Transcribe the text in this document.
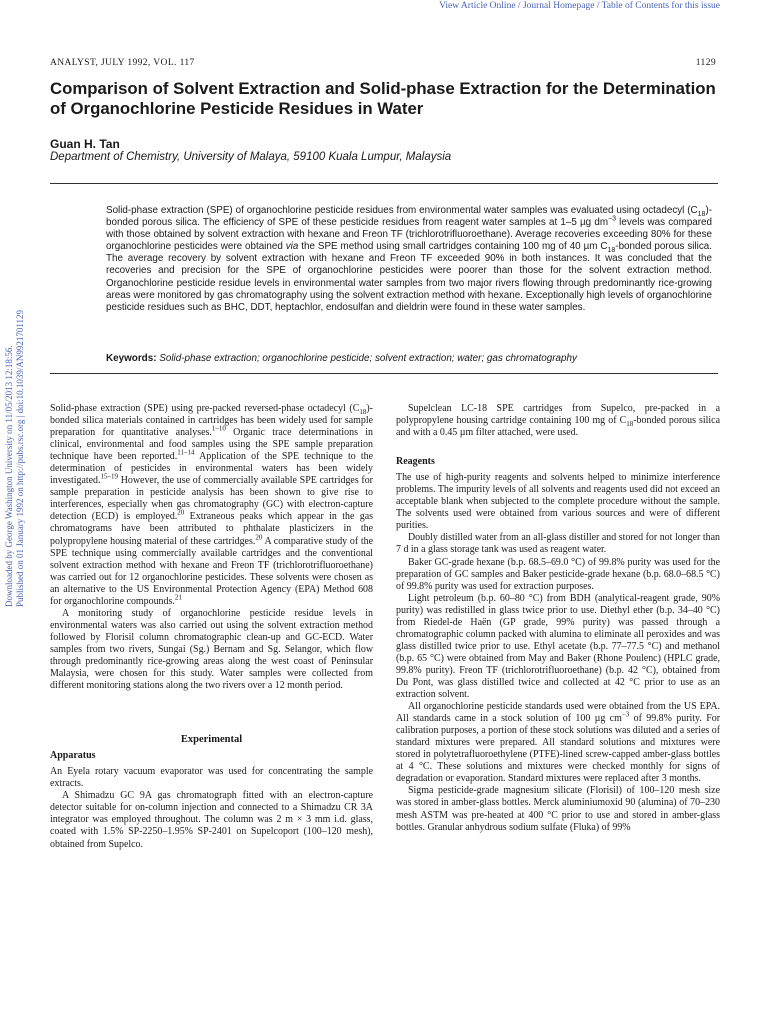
View Article Online / Journal Homepage / Table of Contents for this issue
Downloaded by George Washington University on 11/05/2013 12:18:56. Published on 01 January 1992 on http://pubs.rsc.org | doi:10.1039/AN9921701129
ANALYST, JULY 1992, VOL. 117	1129
Comparison of Solvent Extraction and Solid-phase Extraction for the Determination of Organochlorine Pesticide Residues in Water
Guan H. Tan
Department of Chemistry, University of Malaya, 59100 Kuala Lumpur, Malaysia

Solid-phase extraction (SPE) of organochlorine pesticide residues from environmental water samples was evaluated using octadecyl $(C_{18})$-bonded porous silica. The efficiency of SPE of these pesticide residues from reagent water samples at 1–5 µg $dm^{-3}$ levels was compared with those obtained by solvent extraction with hexane and Freon TF (trichlorotrifluoroethane). Average recoveries exceeding 80% for these organochlorine pesticides were obtained via the SPE method using small cartridges containing 100 mg of 40 µm $C_{18}$-bonded porous silica. The average recovery by solvent extraction with hexane and Freon TF exceeded 90% in both instances. It was concluded that the recoveries and precision for the SPE of organochlorine pesticides were poorer than those for the solvent extraction method. Organochlorine pesticide residue levels in environmental water samples from two major rivers flowing through predominantly rice-growing areas were monitored by gas chromatography using the solvent extraction method with hexane. Exceptionally high levels of organochlorine pesticide residues such as BHC, DDT, heptachlor, endosulfan and dieldrin were found in these water samples.

Keywords: Solid-phase extraction; organochlorine pesticide; solvent extraction; water; gas chromatography

Solid-phase extraction (SPE) using pre-packed reversed-phase octadecyl $(C_{18})$-bonded silica materials contained in cartridges has been widely used for sample preparation for quantitative analyses.$^{1-10}$ Organic trace determinations in clinical, environmental and food samples using the SPE sample preparation technique have been reported.$^{11-14}$ Application of the SPE technique to the determination of pesticides in environmental waters has been widely investigated.$^{15-19}$ However, the use of commercially available SPE cartridges for sample preparation in pesticide analysis has been shown to give rise to interferences, especially when gas chromatography (GC) with electron-capture detection (ECD) is employed.$^{20}$ Extraneous peaks which appear in the gas chromatograms have been attributed to phthalate plasticizers in the polypropylene housing material of these cartridges.$^{20}$ A comparative study of the SPE technique using commercially available cartridges and the conventional solvent extraction method with hexane and Freon TF (trichlorotrifluoroethane) was carried out for 12 organochlorine pesticides. These solvents were chosen as an alternative to the US Environmental Protection Agency (EPA) Method 608 for organochlorine compounds.$^{21}$

A monitoring study of organochlorine pesticide residue levels in environmental waters was also carried out using the solvent extraction method followed by Florisil column chromatographic clean-up and GC-ECD. Water samples from two rivers, Sungai (Sg.) Bernam and Sg. Selangor, which flow through predominantly rice-growing areas along the west coast of Peninsular Malaysia, were chosen for this study. Water samples were collected from different monitoring stations along the two rivers over a 12 month period.

Experimental

Apparatus

An Eyela rotary vacuum evaporator was used for concentrating the sample extracts.

A Shimadzu GC 9A gas chromatograph fitted with an electron-capture detector suitable for on-column injection and connected to a Shimadzu CR 3A integrator was employed throughout. The column was 2 m × 3 mm i.d. glass, coated with 1.5% SP-2250–1.95% SP-2401 on Supelcoport (100–120 mesh), obtained from Supelco.

Supelclean LC-18 SPE cartridges from Supelco, pre-packed in a polypropylene housing cartridge containing 100 mg of $C_{18}$-bonded porous silica and with a 0.45 µm filter attached, were used.

Reagents

The use of high-purity reagents and solvents helped to minimize interference problems. The impurity levels of all solvents and reagents used did not exceed an acceptable blank when subjected to the complete procedure without the sample. The solvents used were obtained from various sources and were of different purities.

Doubly distilled water from an all-glass distiller and stored for not longer than 7 d in a glass storage tank was used as reagent water.

Baker GC-grade hexane (b.p. 68.5–69.0 °C) of 99.8% purity was used for the preparation of GC samples and Baker pesticide-grade hexane (b.p. 68.0–68.5 °C) of 99.8% purity was used for extraction purposes.

Light petroleum (b.p. 60–80 °C) from BDH (analytical-reagent grade, 90% purity) was redistilled in glass twice prior to use. Diethyl ether (b.p. 34–40 °C) from Riedel-de Haën (GP grade, 99% purity) was passed through a chromatographic column packed with alumina to eliminate all peroxides and was glass distilled twice prior to use. Ethyl acetate (b.p. 77–77.5 °C) and methanol (b.p. 65 °C) were obtained from May and Baker (Rhone Poulenc) (HPLC grade, 99.8% purity). Freon TF (trichlorotrifluoroethane) (b.p. 42 °C), obtained from Du Pont, was glass distilled twice and collected at 42 °C prior to use as an extraction solvent.

All organochlorine pesticide standards used were obtained from the US EPA. All standards came in a stock solution of 100 µg $cm^{-3}$ of 99.8% purity. For calibration purposes, a portion of these stock solutions was diluted and a series of standard mixtures were prepared. All standard solutions and mixtures were stored in polytetrafluoroethylene (PTFE)-lined screw-capped amber-glass bottles at 4 °C. These solutions and mixtures were checked monthly for signs of degradation or evaporation. Standard mixtures were replaced after 3 months.

Sigma pesticide-grade magnesium silicate (Florisil) of 100–120 mesh size was stored in amber-glass bottles. Merck aluminiumoxid 90 (alumina) of 70–230 mesh ASTM was pre-heated at 400 °C prior to use and stored in amber-glass bottles. Granular anhydrous sodium sulfate (Fluka) of 99%
